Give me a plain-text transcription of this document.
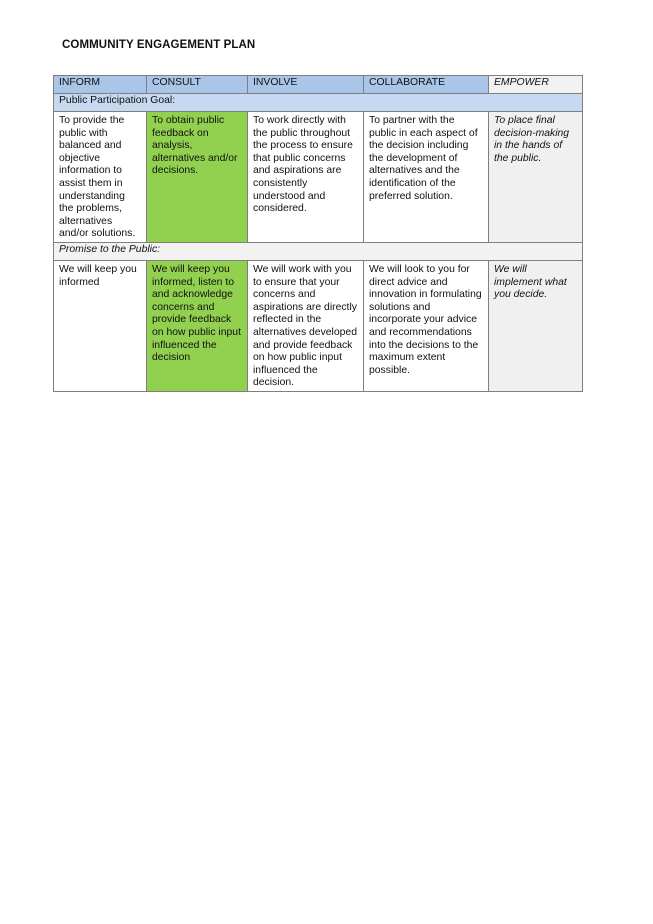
COMMUNITY ENGAGEMENT PLAN
INFORM	CONSULT	INVOLVE	COLLABORATE	EMPOWER
Public Participation Goal:				
To provide the public with balanced and objective information to assist them in understanding the problems, alternatives and/or solutions.	To obtain public feedback on analysis, alternatives and/or decisions.	To work directly with the public throughout the process to ensure that public concerns and aspirations are consistently understood and considered.	To partner with the public in each aspect of the decision including the development of alternatives and the identification of the preferred solution.	To place final decision-making in the hands of the public.
Promise to the Public:				
We will keep you informed	We will keep you informed, listen to and acknowledge concerns and provide feedback on how public input influenced the decision	We will work with you to ensure that your concerns and aspirations are directly reflected in the alternatives developed and provide feedback on how public input influenced the decision.	We will look to you for direct advice and innovation in formulating solutions and incorporate your advice and recommendations into the decisions to the maximum extent possible.	We will implement what you decide.
